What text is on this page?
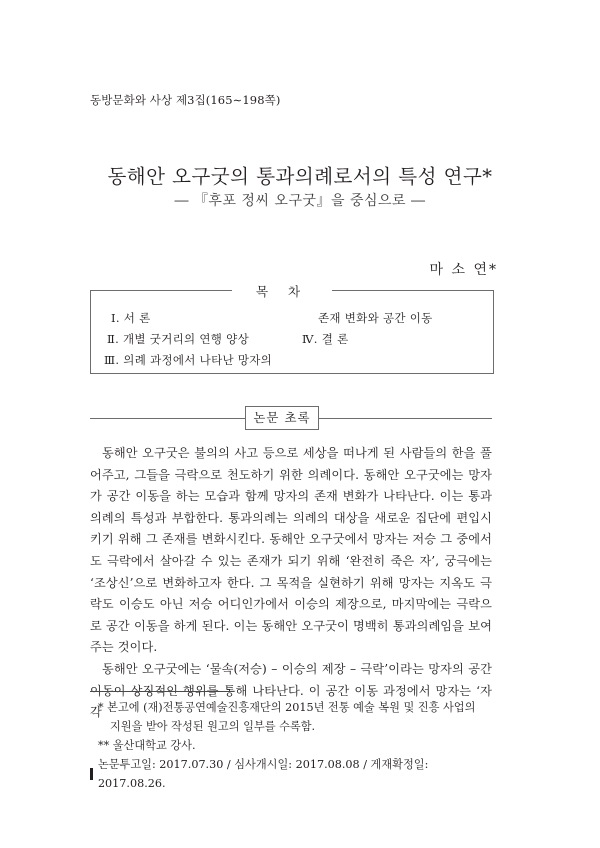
동방문화와 사상 제3집(165∼198쪽)
동해안 오구굿의 통과의례로서의 특성 연구*
― 『후포 정씨 오구굿』을 중심으로 ―
마 소 연*
목 차
Ⅰ. 서 론
Ⅱ. 개별 굿거리의 연행 양상
Ⅲ. 의례 과정에서 나타난 망자의
존재 변화와 공간 이동
Ⅳ. 결 론
논문 초록

동해안 오구굿은 불의의 사고 등으로 세상을 떠나게 된 사람들의 한을 풀어주고, 그들을 극락으로 천도하기 위한 의례이다. 동해안 오구굿에는 망자가 공간 이동을 하는 모습과 함께 망자의 존재 변화가 나타난다. 이는 통과의례의 특성과 부합한다. 통과의례는 의례의 대상을 새로운 집단에 편입시키기 위해 그 존재를 변화시킨다. 동해안 오구굿에서 망자는 저승 그 중에서도 극락에서 살아갈 수 있는 존재가 되기 위해 ‘완전히 죽은 자’, 궁극에는 ‘조상신’으로 변화하고자 한다. 그 목적을 실현하기 위해 망자는 지옥도 극락도 이승도 아닌 저승 어디인가에서 이승의 제장으로, 마지막에는 극락으로 공간 이동을 하게 된다. 이는 동해안 오구굿이 명백히 통과의례임을 보여주는 것이다.

동해안 오구굿에는 ‘물속(저승) – 이승의 제장 – 극락’이라는 망자의 공간 이동이 상징적인 행위를 통해 나타난다. 이 공간 이동 과정에서 망자는 ‘자각

* 본고에 (재)전통공연예술진흥재단의 2015년 전통 예술 복원 및 진흥 사업의
지원을 받아 작성된 원고의 일부를 수록함.

** 울산대학교 강사.

논문투고일: 2017.07.30 / 심사개시일: 2017.08.08 / 게재확정일: 2017.08.26.
